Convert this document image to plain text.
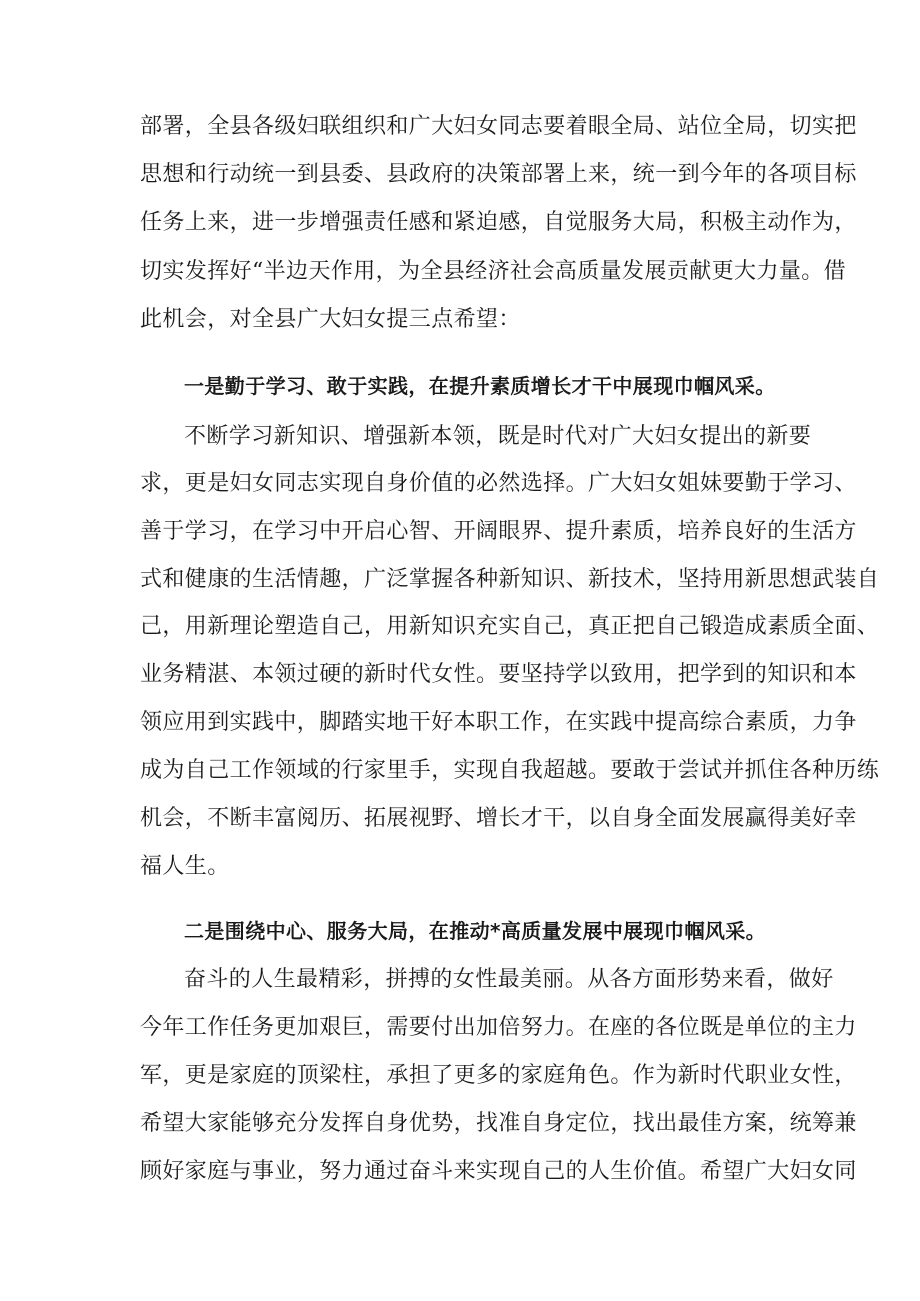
部署，全县各级妇联组织和广大妇女同志要着眼全局、站位全局，切实把
思想和行动统一到县委、县政府的决策部署上来，统一到今年的各项目标
任务上来，进一步增强责任感和紧迫感，自觉服务大局，积极主动作为，
切实发挥好“半边天作用，为全县经济社会高质量发展贡献更大力量。借
此机会，对全县广大妇女提三点希望：
一是勤于学习、敢于实践，在提升素质增长才干中展现巾帼风采。
不断学习新知识、增强新本领，既是时代对广大妇女提出的新要
求，更是妇女同志实现自身价值的必然选择。广大妇女姐妹要勤于学习、
善于学习，在学习中开启心智、开阔眼界、提升素质，培养良好的生活方
式和健康的生活情趣，广泛掌握各种新知识、新技术，坚持用新思想武装自
己，用新理论塑造自己，用新知识充实自己，真正把自己锻造成素质全面、
业务精湛、本领过硬的新时代女性。要坚持学以致用，把学到的知识和本
领应用到实践中，脚踏实地干好本职工作，在实践中提高综合素质，力争
成为自己工作领域的行家里手，实现自我超越。要敢于尝试并抓住各种历练
机会，不断丰富阅历、拓展视野、增长才干，以自身全面发展赢得美好幸
福人生。
二是围绕中心、服务大局，在推动*高质量发展中展现巾帼风采。
奋斗的人生最精彩，拼搏的女性最美丽。从各方面形势来看，做好
今年工作任务更加艰巨，需要付出加倍努力。在座的各位既是单位的主力
军，更是家庭的顶梁柱，承担了更多的家庭角色。作为新时代职业女性，
希望大家能够充分发挥自身优势，找准自身定位，找出最佳方案，统筹兼
顾好家庭与事业，努力通过奋斗来实现自己的人生价值。希望广大妇女同
